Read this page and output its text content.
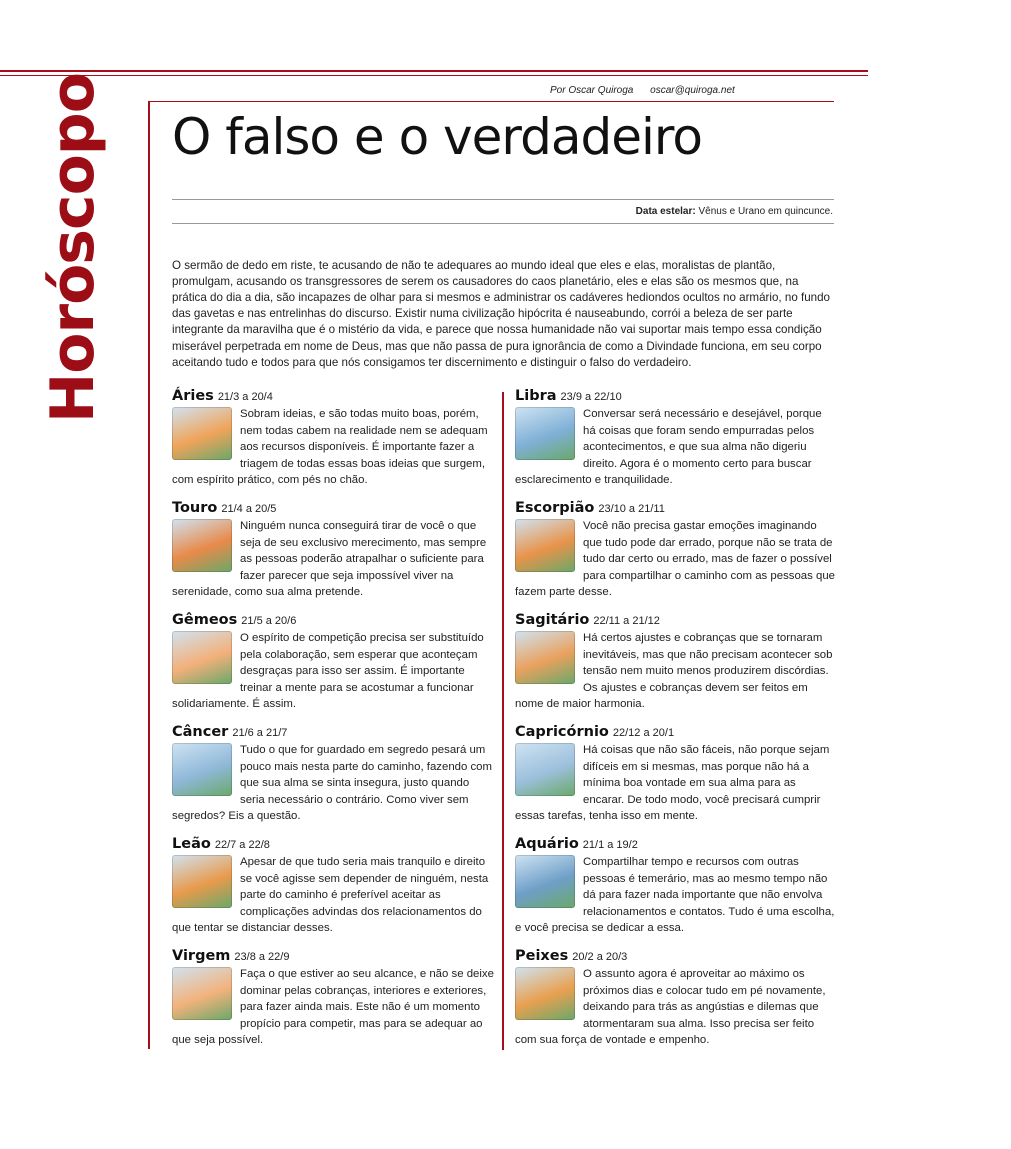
Horóscopo	Por Oscar Quiroga oscar@quiroga.net
O falso e o verdadeiro
Data estelar: Vênus e Urano em quincunce.

O sermão de dedo em riste, te acusando de não te adequares ao mundo ideal que eles e elas, moralistas de plantão, promulgam, acusando os transgressores de serem os causadores do caos planetário, eles e elas são os mesmos que, na prática do dia a dia, são incapazes de olhar para si mesmos e administrar os cadáveres hediondos ocultos no armário, no fundo das gavetas e nas entrelinhas do discurso. Existir numa civilização hipócrita é nauseabundo, corrói a beleza de ser parte integrante da maravilha que é o mistério da vida, e parece que nossa humanidade não vai suportar mais tempo essa condição miserável perpetrada em nome de Deus, mas que não passa de pura ignorância de como a Divindade funciona, em seu corpo aceitando tudo e todos para que nós consigamos ter discernimento e distinguir o falso do verdadeiro.

Áries 21/3 a 20/4

Sobram ideias, e são todas muito boas, porém, nem todas cabem na realidade nem se adequam aos recursos disponíveis. É importante fazer a triagem de todas essas boas ideias que surgem, com espírito prático, com pés no chão.

Touro 21/4 a 20/5

Ninguém nunca conseguirá tirar de você o que seja de seu exclusivo merecimento, mas sempre as pessoas poderão atrapalhar o suficiente para fazer parecer que seja impossível viver na serenidade, como sua alma pretende.

Gêmeos 21/5 a 20/6

O espírito de competição precisa ser substituído pela colaboração, sem esperar que aconteçam desgraças para isso ser assim. É importante treinar a mente para se acostumar a funcionar solidariamente. É assim.

Câncer 21/6 a 21/7

Tudo o que for guardado em segredo pesará um pouco mais nesta parte do caminho, fazendo com que sua alma se sinta insegura, justo quando seria necessário o contrário. Como viver sem segredos? Eis a questão.

Leão 22/7 a 22/8

Apesar de que tudo seria mais tranquilo e direito se você agisse sem depender de ninguém, nesta parte do caminho é preferível aceitar as complicações advindas dos relacionamentos do que tentar se distanciar desses.

Virgem 23/8 a 22/9

Faça o que estiver ao seu alcance, e não se deixe dominar pelas cobranças, interiores e exteriores, para fazer ainda mais. Este não é um momento propício para competir, mas para se adequar ao que seja possível.

Libra 23/9 a 22/10

Conversar será necessário e desejável, porque há coisas que foram sendo empurradas pelos acontecimentos, e que sua alma não digeriu direito. Agora é o momento certo para buscar esclarecimento e tranquilidade.

Escorpião 23/10 a 21/11

Você não precisa gastar emoções imaginando que tudo pode dar errado, porque não se trata de tudo dar certo ou errado, mas de fazer o possível para compartilhar o caminho com as pessoas que fazem parte desse.

Sagitário 22/11 a 21/12

Há certos ajustes e cobranças que se tornaram inevitáveis, mas que não precisam acontecer sob tensão nem muito menos produzirem discórdias. Os ajustes e cobranças devem ser feitos em nome de maior harmonia.

Capricórnio 22/12 a 20/1

Há coisas que não são fáceis, não porque sejam difíceis em si mesmas, mas porque não há a mínima boa vontade em sua alma para as encarar. De todo modo, você precisará cumprir essas tarefas, tenha isso em mente.

Aquário 21/1 a 19/2

Compartilhar tempo e recursos com outras pessoas é temerário, mas ao mesmo tempo não dá para fazer nada importante que não envolva relacionamentos e contatos. Tudo é uma escolha, e você precisa se dedicar a essa.

Peixes 20/2 a 20/3

O assunto agora é aproveitar ao máximo os próximos dias e colocar tudo em pé novamente, deixando para trás as angústias e dilemas que atormentaram sua alma. Isso precisa ser feito com sua força de vontade e empenho.
